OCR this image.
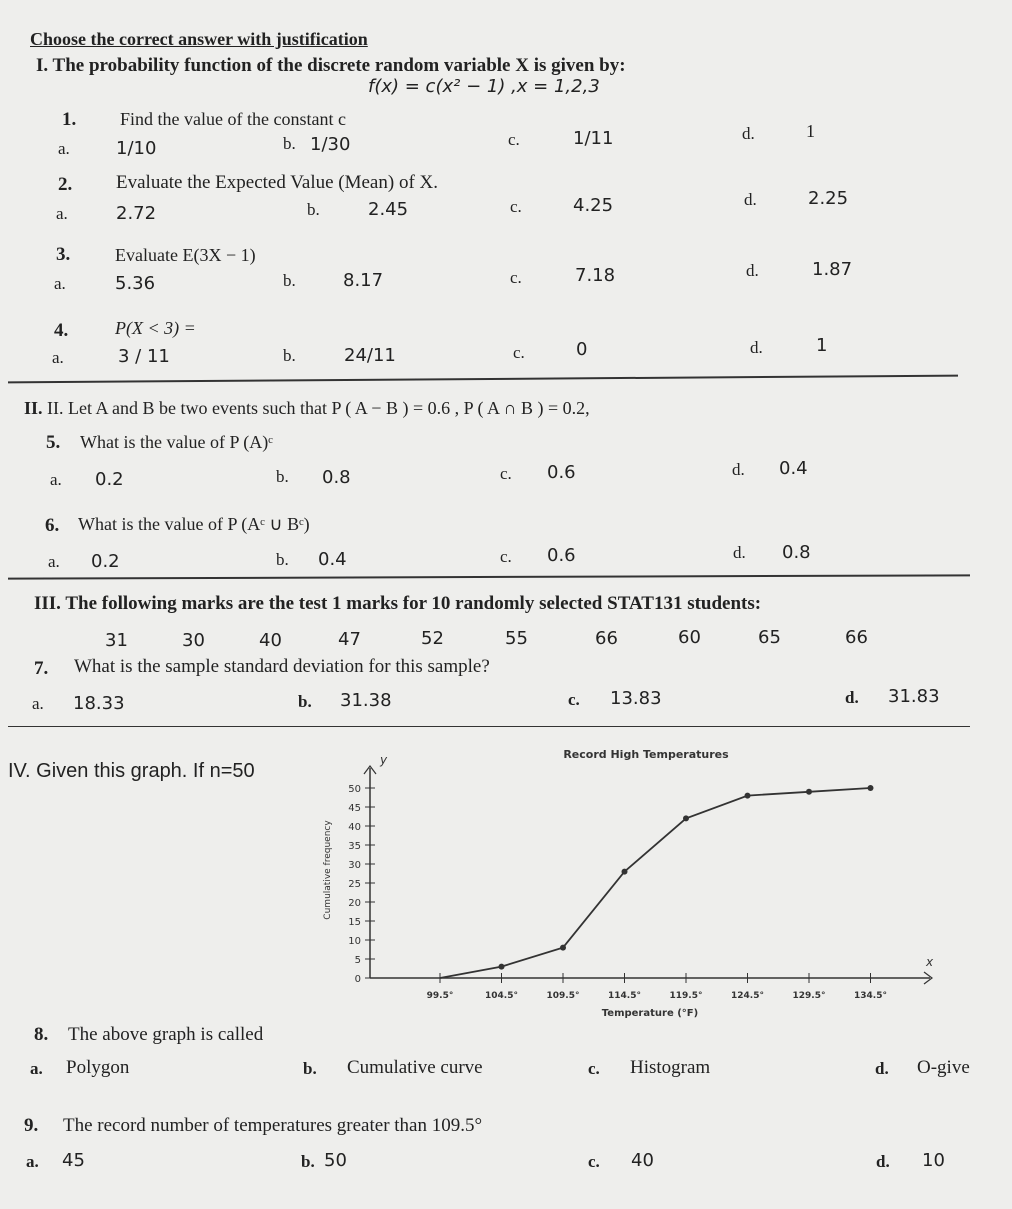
Choose the correct answer with justification
I. The probability function of the discrete random variable X is given by:
f(x) = c(x² − 1) ,x = 1,2,3
1. Find the value of the constant c
a.	1/10	b. 1/30	c.	1/11	d.	1
2. Evaluate the Expected Value (Mean) of X.
a.	2.72	b.	2.45	c.	4.25	d.	2.25
3. Evaluate E(3X − 1)
a.	5.36	b.	8.17	c.	7.18	d.	1.87
4.	P(X < 3) =
a.	3 / 11	b.	24/11	c.	0	d.	1
II. II. Let A and B be two events such that P ( A − B ) = 0.6 , P ( A ∩ B ) = 0.2,
5. What is the value of P (A)ᶜ
a. 0.2	b. 0.8	c. 0.6	d. 0.4
6. What is the value of P (Aᶜ ∪ Bᶜ)
a. 0.2	b. 0.4	c. 0.6	d. 0.8
III. The following marks are the test 1 marks for 10 randomly selected STAT131 students:
31	30	40	47	52	55	66	60	65	66
7. What is the sample standard deviation for this sample?
a. 18.33	b. 31.38	c. 13.83	d. 31.83
IV. Given this graph. If n=50
Record High Temperatures
0
5
10
15
20
25
30
35
40
45
50
99.5°	104.5°	109.5°	114.5°	119.5°	124.5°	129.5°	134.5°
Temperature (°F)
Cumulative frequency
x
y
8. The above graph is called
a. Polygon	b. Cumulative curve	c. Histogram	d. O-give
9. The record number of temperatures greater than 109.5°
a. 45	b. 50	c. 40	d. 10
